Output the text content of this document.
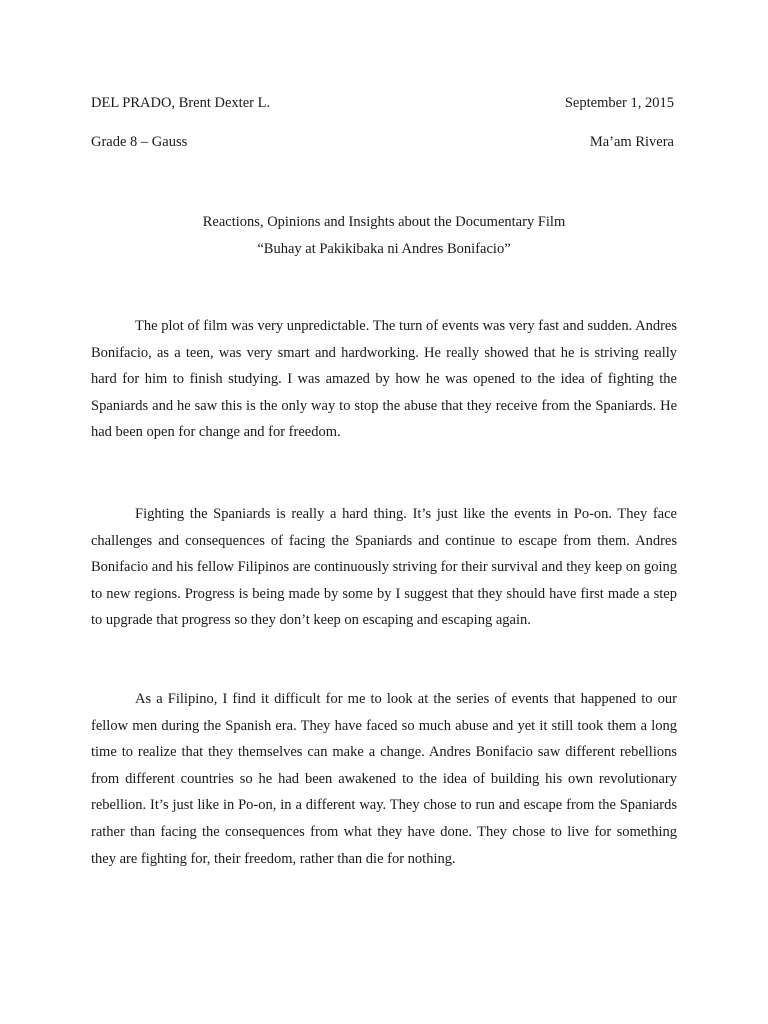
DEL PRADO, Brent Dexter L.	September 1, 2015
Grade 8 – Gauss	Ma’am Rivera
Reactions, Opinions and Insights about the Documentary Film
“Buhay at Pakikibaka ni Andres Bonifacio”

The plot of film was very unpredictable. The turn of events was very fast and sudden. Andres Bonifacio, as a teen, was very smart and hardworking. He really showed that he is striving really hard for him to finish studying. I was amazed by how he was opened to the idea of fighting the Spaniards and he saw this is the only way to stop the abuse that they receive from the Spaniards. He had been open for change and for freedom.

Fighting the Spaniards is really a hard thing. It’s just like the events in Po-on. They face challenges and consequences of facing the Spaniards and continue to escape from them. Andres Bonifacio and his fellow Filipinos are continuously striving for their survival and they keep on going to new regions. Progress is being made by some by I suggest that they should have first made a step to upgrade that progress so they don’t keep on escaping and escaping again.

As a Filipino, I find it difficult for me to look at the series of events that happened to our fellow men during the Spanish era. They have faced so much abuse and yet it still took them a long time to realize that they themselves can make a change. Andres Bonifacio saw different rebellions from different countries so he had been awakened to the idea of building his own revolutionary rebellion. It’s just like in Po-on, in a different way. They chose to run and escape from the Spaniards rather than facing the consequences from what they have done. They chose to live for something they are fighting for, their freedom, rather than die for nothing.
